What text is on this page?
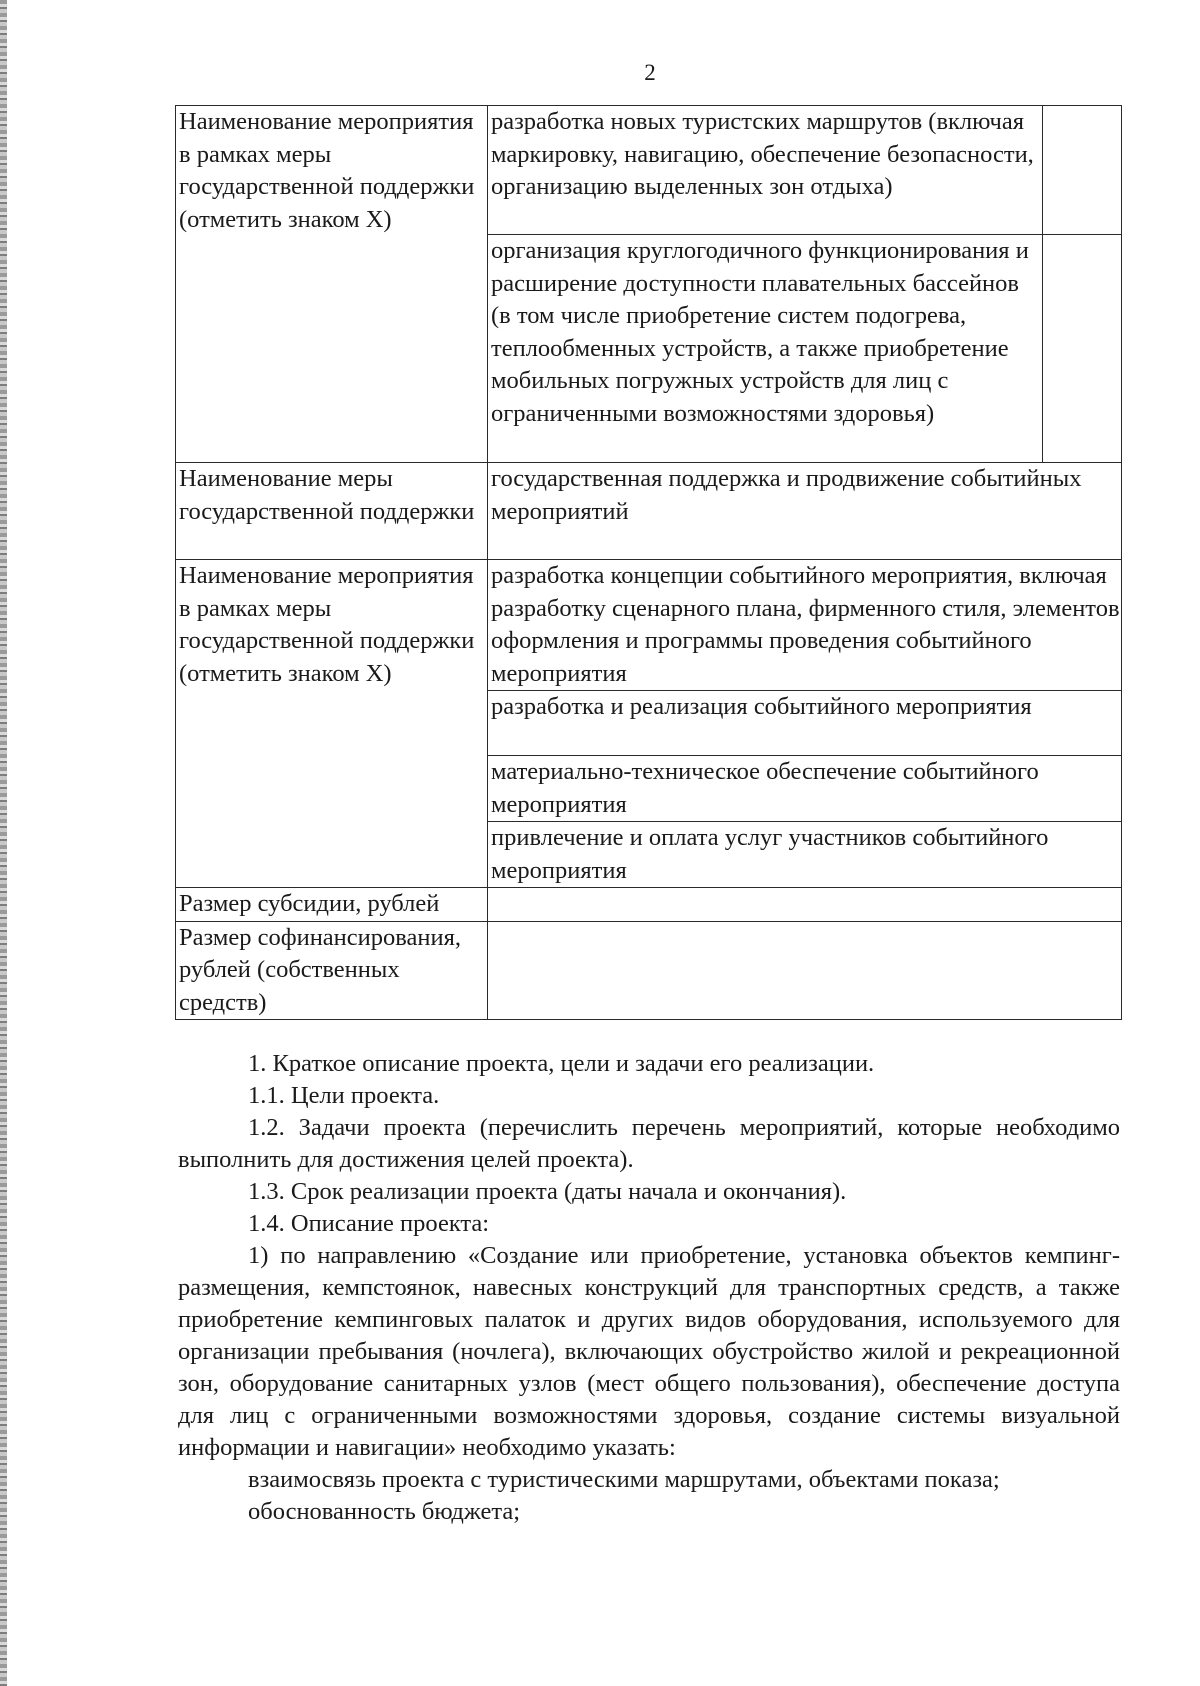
2
Наименование мероприятия в рамках меры государственной поддержки (отметить знаком X)	разработка новых туристских маршрутов (включая маркировку, навигацию, обеспечение безопасности, организацию выделенных зон отдыха)	
	организация круглогодичного функционирования и расширение доступности плавательных бассейнов (в том числе приобретение систем подогрева, теплообменных устройств, а также приобретение мобильных погружных устройств для лиц с ограниченными возможностями здоровья)	
Наименование меры государственной поддержки	государственная поддержка и продвижение событийных мероприятий	
Наименование мероприятия в рамках меры государственной поддержки (отметить знаком X)	разработка концепции событийного мероприятия, включая разработку сценарного плана, фирменного стиля, элементов оформления и программы проведения событийного мероприятия	
	разработка и реализация событийного мероприятия	
	материально-техническое обеспечение событийного мероприятия	
	привлечение и оплата услуг участников событийного мероприятия	
Размер субсидии, рублей		
Размер софинансирования, рублей (собственных средств)		

1. Краткое описание проекта, цели и задачи его реализации.

1.1. Цели проекта.

1.2. Задачи проекта (перечислить перечень мероприятий, которые необходимо выполнить для достижения целей проекта).

1.3. Срок реализации проекта (даты начала и окончания).

1.4. Описание проекта:

1) по направлению «Создание или приобретение, установка объектов кемпинг-размещения, кемпстоянок, навесных конструкций для транспортных средств, а также приобретение кемпинговых палаток и других видов оборудования, используемого для организации пребывания (ночлега), включающих обустройство жилой и рекреационной зон, оборудование санитарных узлов (мест общего пользования), обеспечение доступа для лиц с ограниченными возможностями здоровья, создание системы визуальной информации и навигации» необходимо указать:

взаимосвязь проекта с туристическими маршрутами, объектами показа;

обоснованность бюджета;
